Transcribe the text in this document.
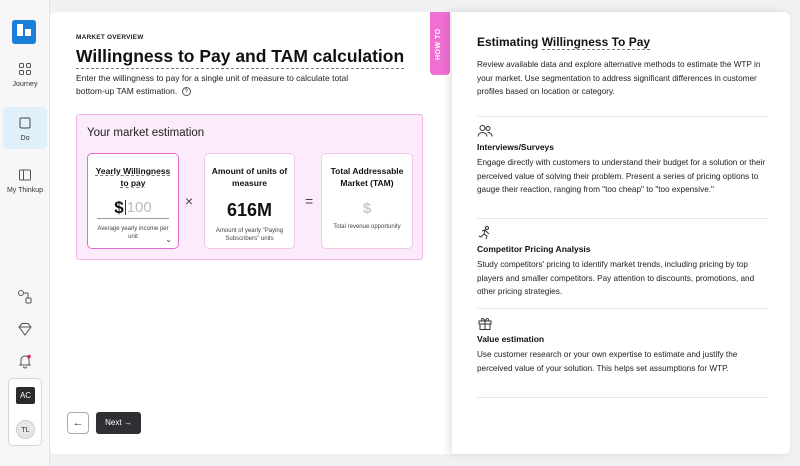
Journey
Do
My Thinkup
AC
TL
MARKET OVERVIEW
Willingness to Pay and TAM calculation
Enter the willingness to pay for a single unit of measure to calculate total bottom-up TAM estimation. ?
HOW TO
Your market estimation
Yearly Willingness to pay
$ 100
Average yearly income per unit	⌄
×
Amount of units of measure
616M
Amount of yearly "Paying Subscribers" units
=
Total Addressable Market (TAM)
$
Total revenue opportunity
←	Next →
Estimating Willingness To Pay
Review available data and explore alternative methods to estimate the WTP in your market. Use segmentation to address significant differences in customer profiles based on location or category.
Interviews/Surveys
Engage directly with customers to understand their budget for a solution or their perceived value of solving their problem. Present a series of pricing options to gauge their reaction, ranging from "too cheap" to "too expensive."
Competitor Pricing Analysis
Study competitors' pricing to identify market trends, including pricing by top players and smaller competitors. Pay attention to discounts, promotions, and other pricing strategies.
Value estimation
Use customer research or your own expertise to estimate and justify the perceived value of your solution. This helps set assumptions for WTP.
